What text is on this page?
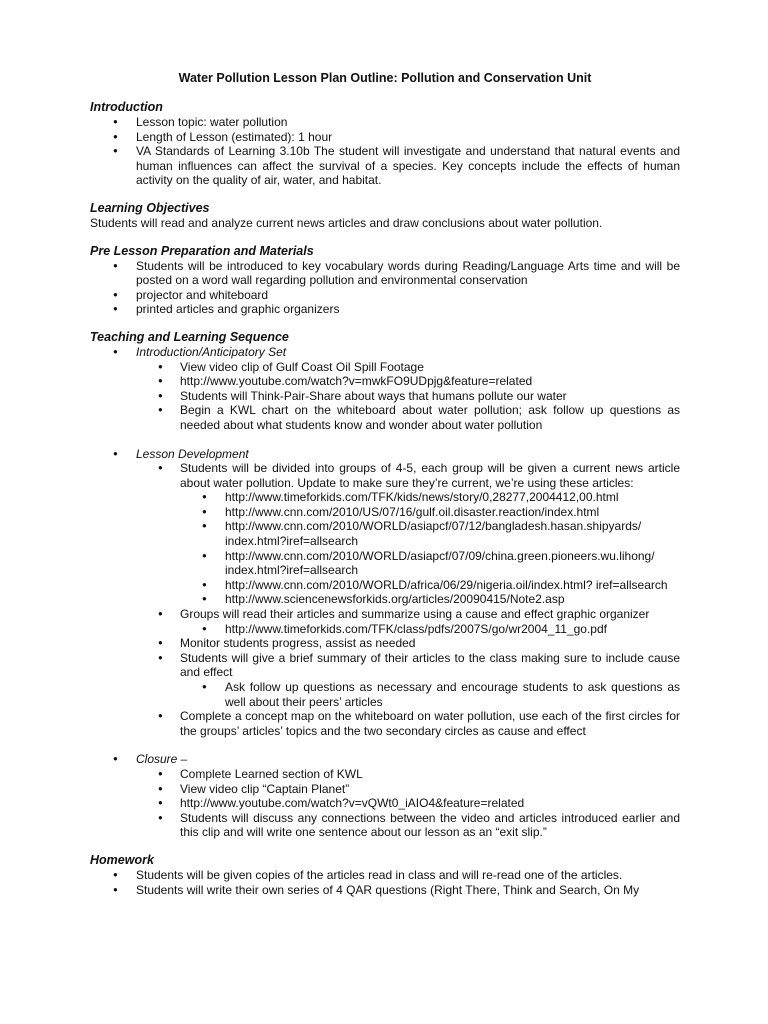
Water Pollution Lesson Plan Outline: Pollution and Conservation Unit
Introduction
● Lesson topic: water pollution
● Length of Lesson (estimated): 1 hour
● VA Standards of Learning 3.10b The student will investigate and understand that natural events and human influences can affect the survival of a species. Key concepts include the effects of human activity on the quality of air, water, and habitat.
Learning Objectives

Students will read and analyze current news articles and draw conclusions about water pollution.

Pre Lesson Preparation and Materials
● Students will be introduced to key vocabulary words during Reading/Language Arts time and will be posted on a word wall regarding pollution and environmental conservation
● projector and whiteboard
● printed articles and graphic organizers
Teaching and Learning Sequence
● Introduction/Anticipatory Set
● View video clip of Gulf Coast Oil Spill Footage
● http://www.youtube.com/watch?v=mwkFO9UDpjg&feature=related
● Students will Think-Pair-Share about ways that humans pollute our water
● Begin a KWL chart on the whiteboard about water pollution; ask follow up questions as needed about what students know and wonder about water pollution
● Lesson Development
● Students will be divided into groups of 4-5, each group will be given a current news article about water pollution. Update to make sure they’re current, we’re using these articles:
● http://www.timeforkids.com/TFK/kids/news/story/0,28277,2004412,00.html
● http://www.cnn.com/2010/US/07/16/gulf.oil.disaster.reaction/index.html
● http://www.cnn.com/2010/WORLD/asiapcf/07/12/bangladesh.hasan.shipyards/ index.html?iref=allsearch
● http://www.cnn.com/2010/WORLD/asiapcf/07/09/china.green.pioneers.wu.lihong/ index.html?iref=allsearch
● http://www.cnn.com/2010/WORLD/africa/06/29/nigeria.oil/index.html? iref=allsearch
● http://www.sciencenewsforkids.org/articles/20090415/Note2.asp
● Groups will read their articles and summarize using a cause and effect graphic organizer
● http://www.timeforkids.com/TFK/class/pdfs/2007S/go/wr2004_11_go.pdf
● Monitor students progress, assist as needed
● Students will give a brief summary of their articles to the class making sure to include cause and effect
● Ask follow up questions as necessary and encourage students to ask questions as well about their peers’ articles
● Complete a concept map on the whiteboard on water pollution, use each of the first circles for the groups’ articles’ topics and the two secondary circles as cause and effect
● Closure –
● Complete Learned section of KWL
● View video clip “Captain Planet”
● http://www.youtube.com/watch?v=vQWt0_iAIO4&feature=related
● Students will discuss any connections between the video and articles introduced earlier and this clip and will write one sentence about our lesson as an “exit slip.”
Homework
● Students will be given copies of the articles read in class and will re-read one of the articles.
● Students will write their own series of 4 QAR questions (Right There, Think and Search, On My
